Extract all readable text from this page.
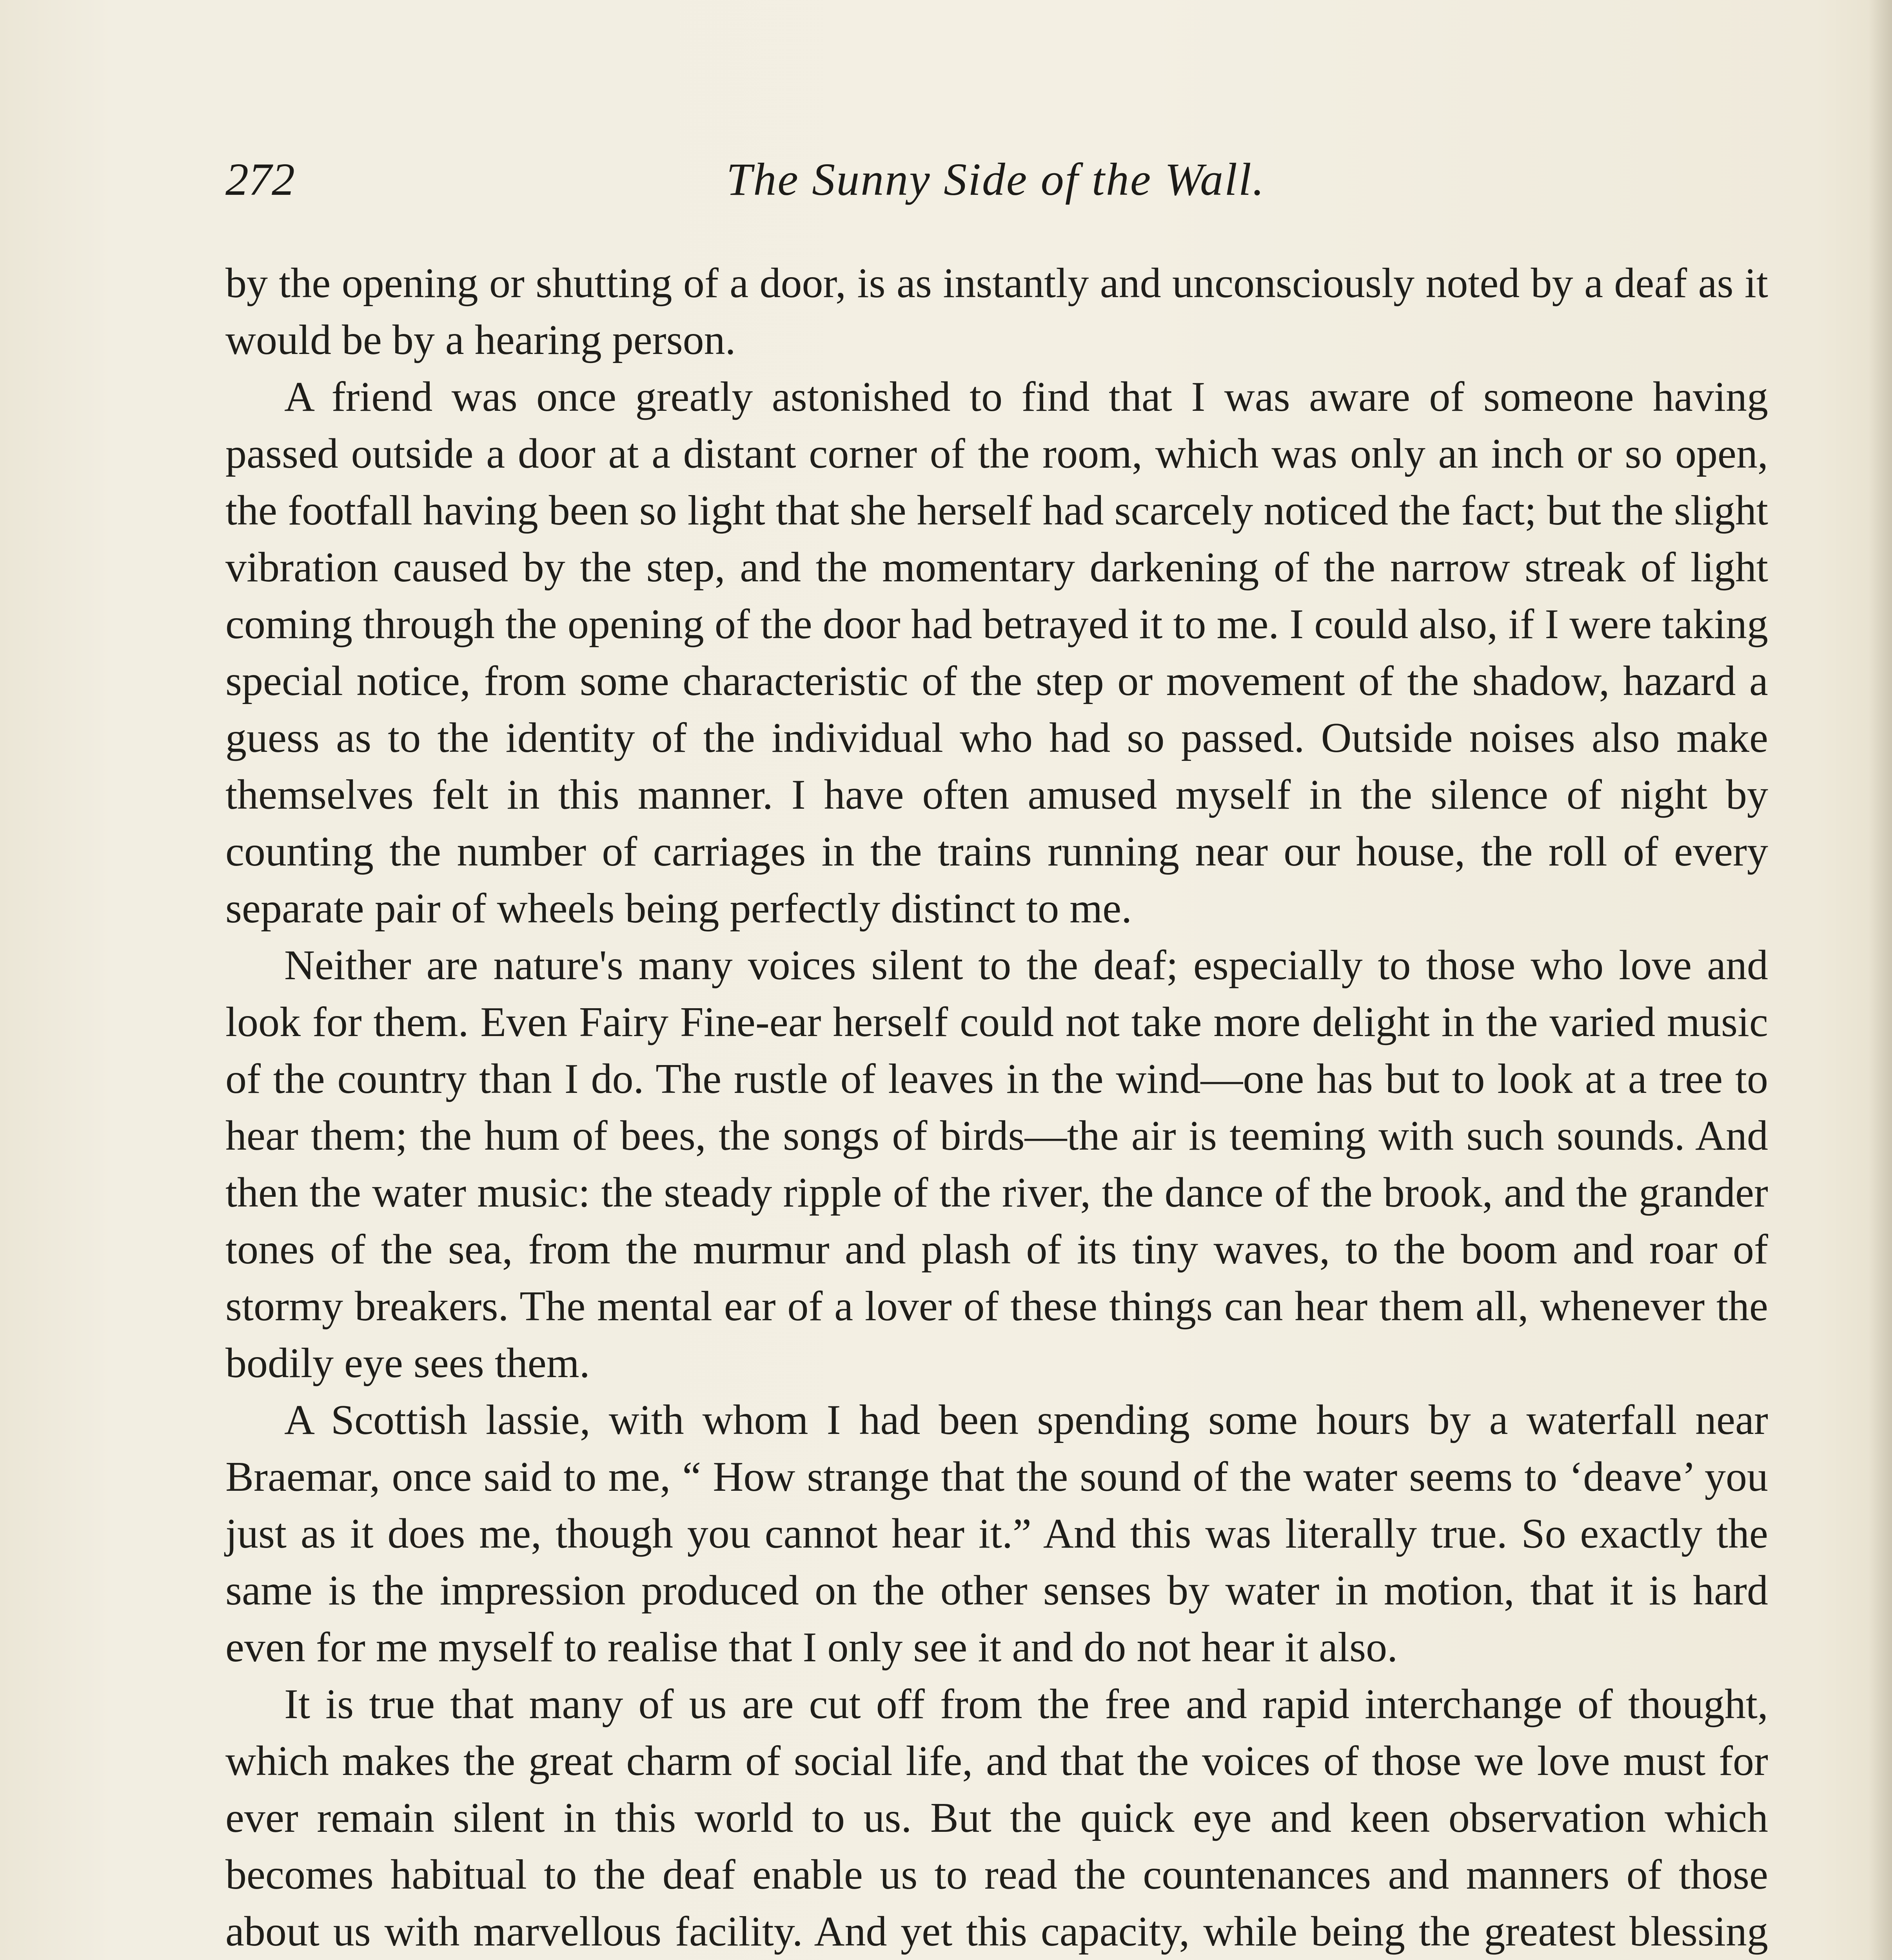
The Sunny Side of the Wall.
272

by the opening or shutting of a door, is as instantly and unconsciously noted by a deaf as it would be by a hearing person.

A friend was once greatly astonished to find that I was aware of someone having passed outside a door at a distant corner of the room, which was only an inch or so open, the footfall having been so light that she herself had scarcely noticed the fact; but the slight vibration caused by the step, and the momentary darkening of the narrow streak of light coming through the opening of the door had betrayed it to me. I could also, if I were taking special notice, from some characteristic of the step or movement of the shadow, hazard a guess as to the identity of the individual who had so passed. Outside noises also make themselves felt in this manner. I have often amused myself in the silence of night by counting the number of carriages in the trains running near our house, the roll of every separate pair of wheels being perfectly distinct to me.

Neither are nature's many voices silent to the deaf; especially to those who love and look for them. Even Fairy Fine-ear herself could not take more delight in the varied music of the country than I do. The rustle of leaves in the wind—one has but to look at a tree to hear them; the hum of bees, the songs of birds—the air is teeming with such sounds. And then the water music: the steady ripple of the river, the dance of the brook, and the grander tones of the sea, from the murmur and plash of its tiny waves, to the boom and roar of stormy breakers. The mental ear of a lover of these things can hear them all, whenever the bodily eye sees them.

A Scottish lassie, with whom I had been spending some hours by a waterfall near Braemar, once said to me, “ How strange that the sound of the water seems to ‘deave’ you just as it does me, though you cannot hear it.” And this was literally true. So exactly the same is the impression produced on the other senses by water in motion, that it is hard even for me myself to realise that I only see it and do not hear it also.

It is true that many of us are cut off from the free and rapid interchange of thought, which makes the great charm of social life, and that the voices of those we love must for ever remain silent in this world to us. But the quick eye and keen observation which becomes habitual to the deaf enable us to read the countenances and manners of those about us with marvellous facility. And yet this capacity, while being the greatest blessing
